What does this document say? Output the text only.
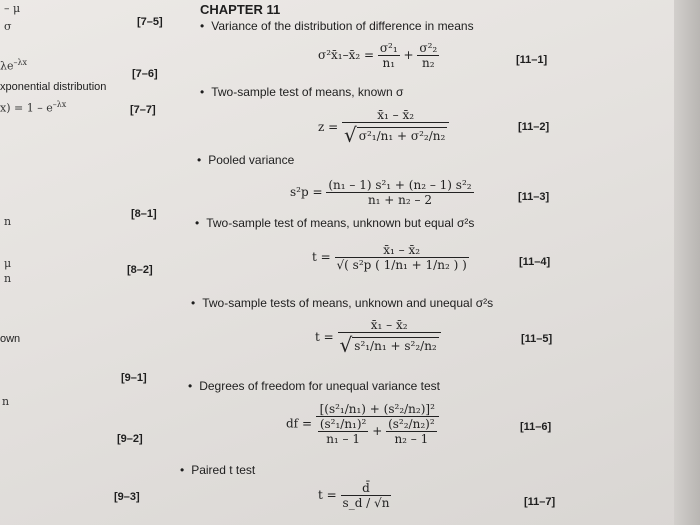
– μ
σ
$\lambda e^{-\lambda x}$
xponential distribution
$x) = 1 - e^{-\lambda x}$
n
μ
n
own
n
[7–5]
[7–6]
[7–7]
[8–1]
[8–2]
[9–1]
[9–2]
[9–3]
CHAPTER 11
• Variance of the distribution of difference in means
σ²x̄₁–x̄₂ = $\frac{\text{σ²₁}}{\text{n₁}} + \frac{\text{σ²₂}}{\text{n₂}}$	[11–1]
• Two-sample test of means, known σ
$z = \frac{\text{x̄₁ – x̄₂}}{\text{√ σ²₁/n₁ + σ²₂/n₂}}$	[11–2]
• Pooled variance
$s^2p = \frac{\text{(n₁ – 1) s²₁ + (n₂ – 1) s²₂}}{\text{n₁ + n₂ – 2}}$	[11–3]
• Two-sample test of means, unknown but equal σ²s
$t = \frac{\text{x̄₁ – x̄₂}}{\text{√( s²p ( 1/n₁ + 1/n₂ ) )}}$	[11–4]
• Two-sample tests of means, unknown and unequal σ²s
$t = \frac{\text{x̄₁ – x̄₂}}{\text{√ s²₁/n₁ + s²₂/n₂}}$	[11–5]
• Degrees of freedom for unequal variance test
df = $\frac{\text{[(s²₁/n₁) + (s²₂/n₂)]²}}{\frac{\text{(s²₁/n₁)²}}{\text{n₁ – 1}} + \frac{\text{(s²₂/n₂)²}}{\text{n₂ – 1}}}$	[11–6]
• Paired t test
$t = \frac{d̄}{s\_d / √n}$	[11–7]
